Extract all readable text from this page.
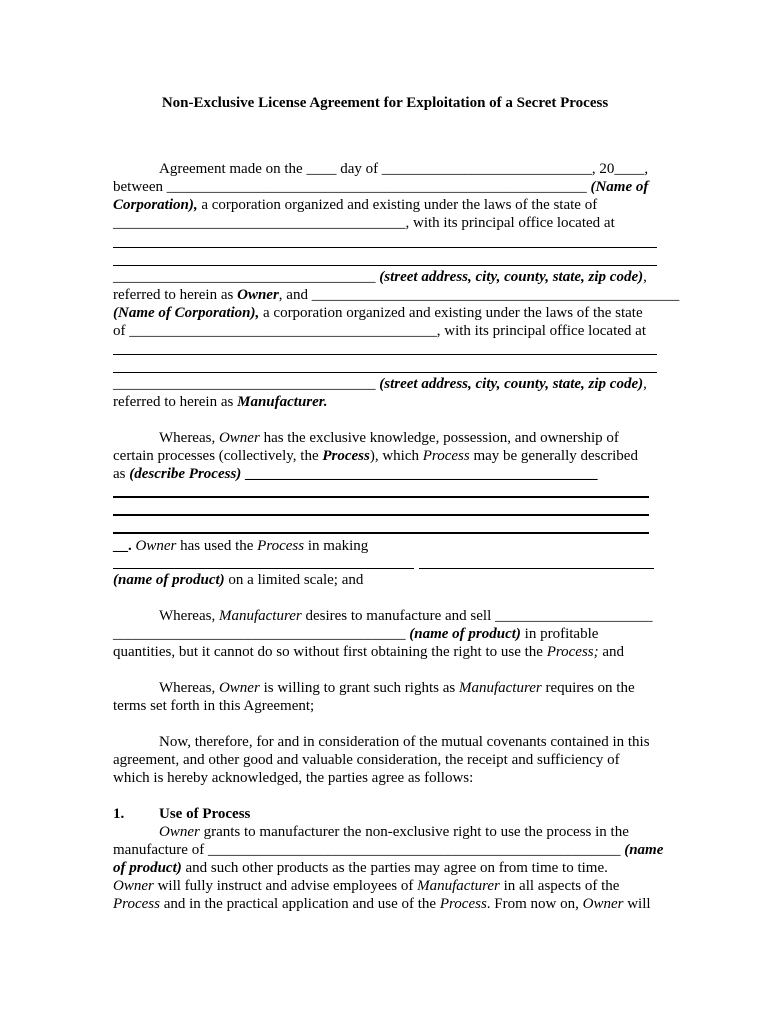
Non-Exclusive License Agreement for Exploitation of a Secret Process
Agreement made on the ____ day of ____________________________, 20____,
between ________________________________________________________ (Name of
Corporation), a corporation organized and existing under the laws of the state of
_______________________________________, with its principal office located at
___________________________________ (street address, city, county, state, zip code),
referred to herein as Owner, and _________________________________________________
(Name of Corporation), a corporation organized and existing under the laws of the state
of _________________________________________, with its principal office located at
___________________________________ (street address, city, county, state, zip code),
referred to herein as Manufacturer.
Whereas, Owner has the exclusive knowledge, possession, and ownership of
certain processes (collectively, the Process), which Process may be generally described
as (describe Process) _______________________________________________
__. Owner has used the Process in making
(name of product) on a limited scale; and
Whereas, Manufacturer desires to manufacture and sell _____________________
_______________________________________ (name of product) in profitable
quantities, but it cannot do so without first obtaining the right to use the Process; and
Whereas, Owner is willing to grant such rights as Manufacturer requires on the
terms set forth in this Agreement;
Now, therefore, for and in consideration of the mutual covenants contained in this
agreement, and other good and valuable consideration, the receipt and sufficiency of
which is hereby acknowledged, the parties agree as follows:
1. Use of Process
Owner grants to manufacturer the non-exclusive right to use the process in the
manufacture of _______________________________________________________ (name
of product) and such other products as the parties may agree on from time to time.
Owner will fully instruct and advise employees of Manufacturer in all aspects of the
Process and in the practical application and use of the Process. From now on, Owner will
